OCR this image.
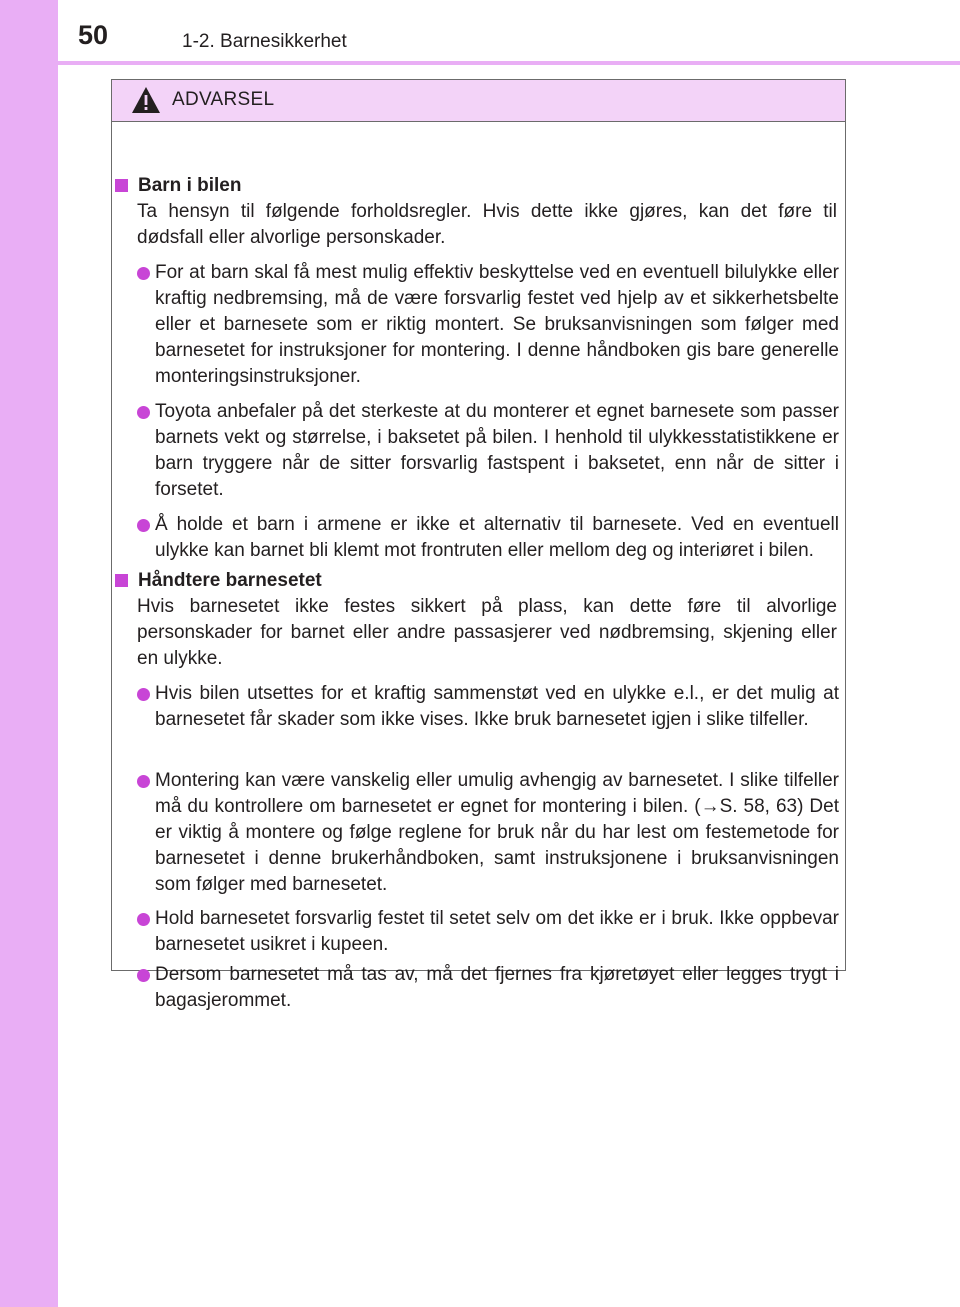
50	1-2. Barnesikkerhet
ADVARSEL
Barn i bilen
Ta hensyn til følgende forholdsregler. Hvis dette ikke gjøres, kan det føre til dødsfall eller alvorlige personskader.
For at barn skal få mest mulig effektiv beskyttelse ved en eventuell bilulykke eller kraftig nedbremsing, må de være forsvarlig festet ved hjelp av et sikkerhetsbelte eller et barnesete som er riktig montert. Se bruksanvisningen som følger med barnesetet for instruksjoner for montering. I denne håndboken gis bare generelle monteringsinstruksjoner.
Toyota anbefaler på det sterkeste at du monterer et egnet barnesete som passer barnets vekt og størrelse, i baksetet på bilen. I henhold til ulykkesstatistikkene er barn tryggere når de sitter forsvarlig fastspent i baksetet, enn når de sitter i forsetet.
Å holde et barn i armene er ikke et alternativ til barnesete. Ved en eventuell ulykke kan barnet bli klemt mot frontruten eller mellom deg og interiøret i bilen.
Håndtere barnesetet
Hvis barnesetet ikke festes sikkert på plass, kan dette føre til alvorlige personskader for barnet eller andre passasjerer ved nødbremsing, skjening eller en ulykke.
Hvis bilen utsettes for et kraftig sammenstøt ved en ulykke e.l., er det mulig at barnesetet får skader som ikke vises. Ikke bruk barnesetet igjen i slike tilfeller.
Montering kan være vanskelig eller umulig avhengig av barnesetet. I slike tilfeller må du kontrollere om barnesetet er egnet for montering i bilen. (→S. 58, 63) Det er viktig å montere og følge reglene for bruk når du har lest om festemetode for barnesetet i denne brukerhåndboken, samt instruksjonene i bruksanvisningen som følger med barnesetet.
Hold barnesetet forsvarlig festet til setet selv om det ikke er i bruk. Ikke oppbevar barnesetet usikret i kupeen.
Dersom barnesetet må tas av, må det fjernes fra kjøretøyet eller legges trygt i bagasjerommet.
